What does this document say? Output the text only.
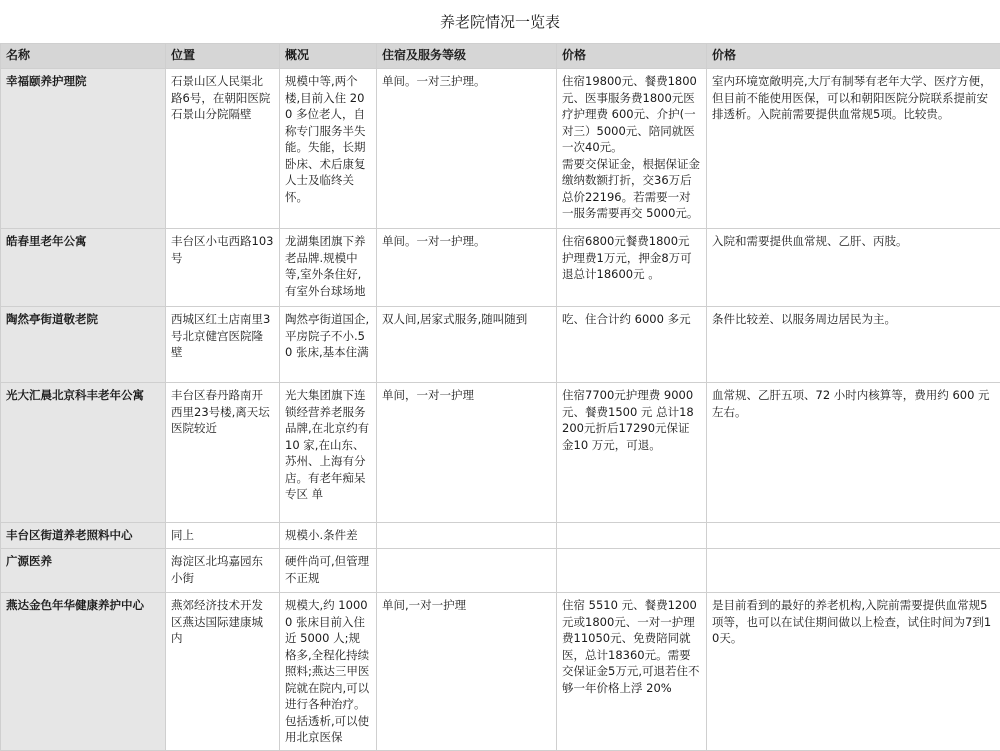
养老院情况一览表
名称	位置	概况	住宿及服务等级	价格	价格
幸福颐养护理院	石景山区人民渠北路6号，在朝阳医院石景山分院隔壁	规模中等,两个楼,目前入住 200 多位老人，自称专门服务半失能。失能，长期卧床、术后康复人士及临终关怀。	单间。一对三护理。	住宿19800元、餐费1800元、医事服务费1800元医疗护理费 600元、介护(一对三）5000元、陪同就医一次40元。
需要交保证金，根据保证金缴纳数额打折，交36万后总价22196。若需要一对一服务需要再交 5000元。	室内环境宽敞明亮,大厅有制琴有老年大学、医疗方便，但目前不能使用医保，可以和朝阳医院分院联系提前安排透析。入院前需要提供血常规5项。比较贵。
皓春里老年公寓	丰台区小屯西路103号	龙湖集团旗下养老品牌.规模中等,室外条住好,有室外台球场地	单间。一对一护理。	住宿6800元餐费1800元护理费1万元，押金8万可退总计18600元 。	入院和需要提供血常规、乙肝、丙肢。
陶然亭街道敬老院	西城区红土店南里3号北京健宫医院隆壁	陶然亭街道国企,平房院子不小.50 张床,基本住满	双人间,居家式服务,随叫随到	吃、住合计约 6000 多元	条件比较差、以服务周边居民为主。
光大汇晨北京科丰老年公寓	丰台区春丹路南开西里23号楼,离天坛医院较近	光大集团旗下连锁经营养老服务品牌,在北京约有 10 家,在山东、苏州、上海有分店。有老年痴呆专区 单	单间，一对一护理	住宿7700元护理费 9000 元、餐费1500 元 总计18200元折后17290元保证金10 万元，可退。	血常规、乙肝五项、72 小时内核算等，费用约 600 元左右。
丰台区街道养老照料中心	同上	规模小.条件差			
广源医养	海淀区北坞嘉园东小街	硬件尚可,但管理不正规			
燕达金色年华健康养护中心	燕郊经济技术开发区燕达国际建康城内	规模大,约 10000 张床目前入住近 5000 人;规格多,全程化持续照料;燕达三甲医院就在院内,可以进行各种治疗。包括透析,可以使用北京医保	单间,一对一护理	住宿 5510 元、餐费1200元或1800元、一对一护理费11050元、免费陪同就医，总计18360元。需要交保证金5万元,可退若住不够一年价格上浮 20%	是目前看到的最好的养老机构,入院前需要提供血常规5项等，也可以在试住期间做以上检查，试住时间为7到10天。
